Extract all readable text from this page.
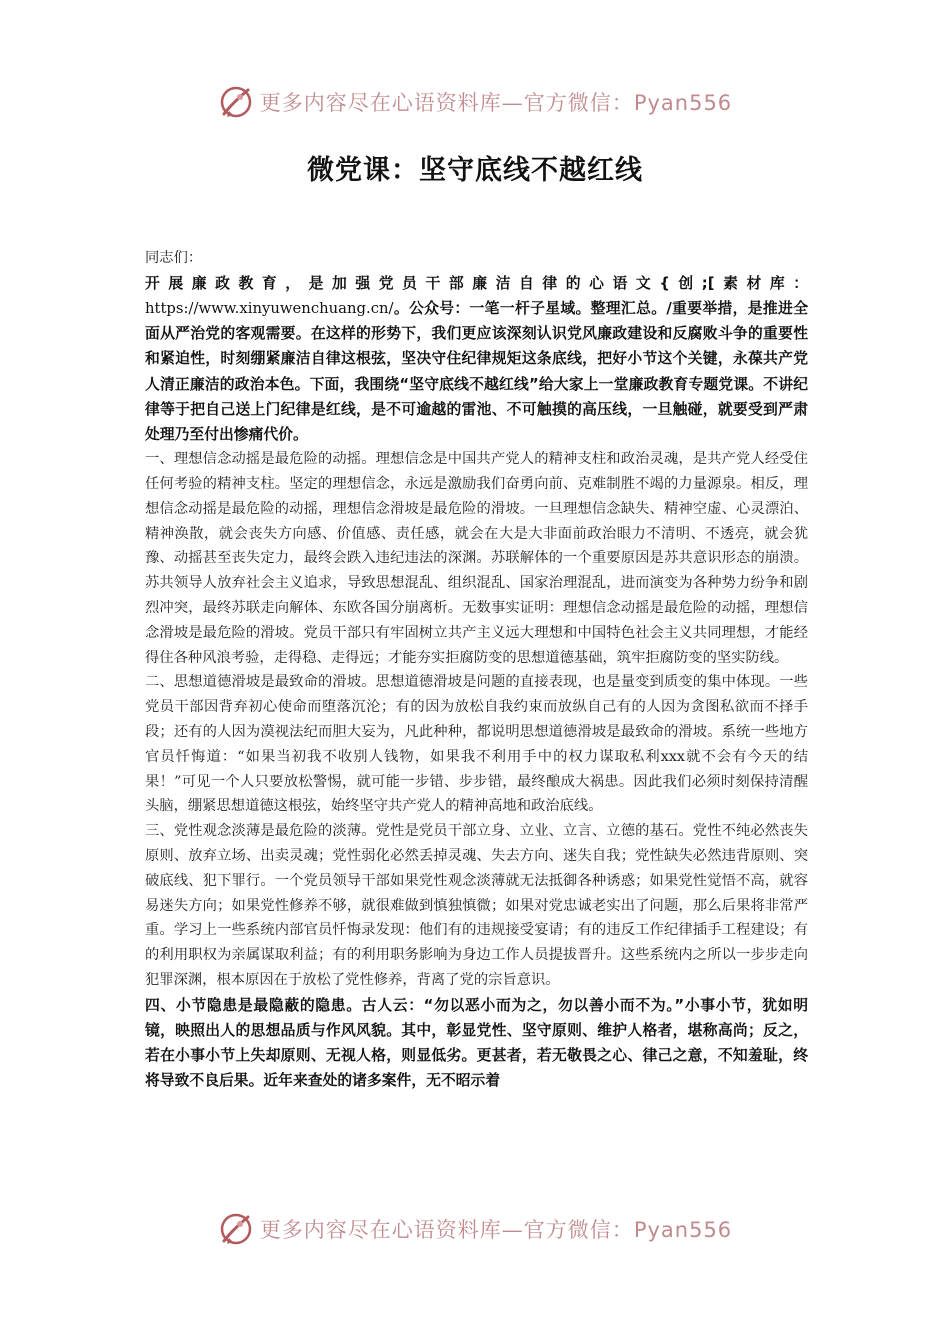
更多内容尽在心语资料库—官方微信：Pyan556
微党课：坚守底线不越红线

同志们：

开展廉政教育，是加强党员干部廉洁自律的心语文{创;[素材库：https://www.xinyuwenchuang.cn/。公众号：一笔一杆子星域。整理汇总。/重要举措，是推进全面从严治党的客观需要。在这样的形势下，我们更应该深刻认识党风廉政建设和反腐败斗争的重要性和紧迫性，时刻绷紧廉洁自律这根弦，坚决守住纪律规矩这条底线，把好小节这个关键，永葆共产党人清正廉洁的政治本色。下面，我围绕“坚守底线不越红线”给大家上一堂廉政教育专题党课。不讲纪律等于把自己送上门纪律是红线，是不可逾越的雷池、不可触摸的高压线，一旦触碰，就要受到严肃处理乃至付出惨痛代价。

一、理想信念动摇是最危险的动摇。理想信念是中国共产党人的精神支柱和政治灵魂，是共产党人经受住任何考验的精神支柱。坚定的理想信念，永远是激励我们奋勇向前、克难制胜不竭的力量源泉。相反，理想信念动摇是最危险的动摇，理想信念滑坡是最危险的滑坡。一旦理想信念缺失、精神空虚、心灵漂泊、精神涣散，就会丧失方向感、价值感、责任感，就会在大是大非面前政治眼力不清明、不透亮，就会犹豫、动摇甚至丧失定力，最终会跌入违纪违法的深渊。苏联解体的一个重要原因是苏共意识形态的崩溃。苏共领导人放弃社会主义追求，导致思想混乱、组织混乱、国家治理混乱，进而演变为各种势力纷争和剧烈冲突，最终苏联走向解体、东欧各国分崩离析。无数事实证明：理想信念动摇是最危险的动摇，理想信念滑坡是最危险的滑坡。党员干部只有牢固树立共产主义远大理想和中国特色社会主义共同理想，才能经得住各种风浪考验，走得稳、走得远；才能夯实拒腐防变的思想道德基础，筑牢拒腐防变的坚实防线。

二、思想道德滑坡是最致命的滑坡。思想道德滑坡是问题的直接表现，也是量变到质变的集中体现。一些党员干部因背弃初心使命而堕落沉沦；有的因为放松自我约束而放纵自己有的人因为贪图私欲而不择手段；还有的人因为漠视法纪而胆大妄为，凡此种种，都说明思想道德滑坡是最致命的滑坡。系统一些地方官员忏悔道：“如果当初我不收别人钱物，如果我不利用手中的权力谋取私利xxx就不会有今天的结果！”可见一个人只要放松警惕，就可能一步错、步步错，最终酿成大祸患。因此我们必须时刻保持清醒头脑，绷紧思想道德这根弦，始终坚守共产党人的精神高地和政治底线。

三、党性观念淡薄是最危险的淡薄。党性是党员干部立身、立业、立言、立德的基石。党性不纯必然丧失原则、放弃立场、出卖灵魂；党性弱化必然丢掉灵魂、失去方向、迷失自我；党性缺失必然违背原则、突破底线、犯下罪行。一个党员领导干部如果党性观念淡薄就无法抵御各种诱惑；如果党性觉悟不高，就容易迷失方向；如果党性修养不够，就很难做到慎独慎微；如果对党忠诚老实出了问题，那么后果将非常严重。学习上一些系统内部官员忏悔录发现：他们有的违规接受宴请；有的违反工作纪律插手工程建设；有的利用职权为亲属谋取利益；有的利用职务影响为身边工作人员提拔晋升。这些系统内之所以一步步走向犯罪深渊，根本原因在于放松了党性修养，背离了党的宗旨意识。

四、小节隐患是最隐蔽的隐患。古人云：“勿以恶小而为之，勿以善小而不为。”小事小节，犹如明镜，映照出人的思想品质与作风风貌。其中，彰显党性、坚守原则、维护人格者，堪称高尚；反之，若在小事小节上失却原则、无视人格，则显低劣。更甚者，若无敬畏之心、律己之意，不知羞耻，终将导致不良后果。近年来查处的诸多案件，无不昭示着

更多内容尽在心语资料库—官方微信：Pyan556
